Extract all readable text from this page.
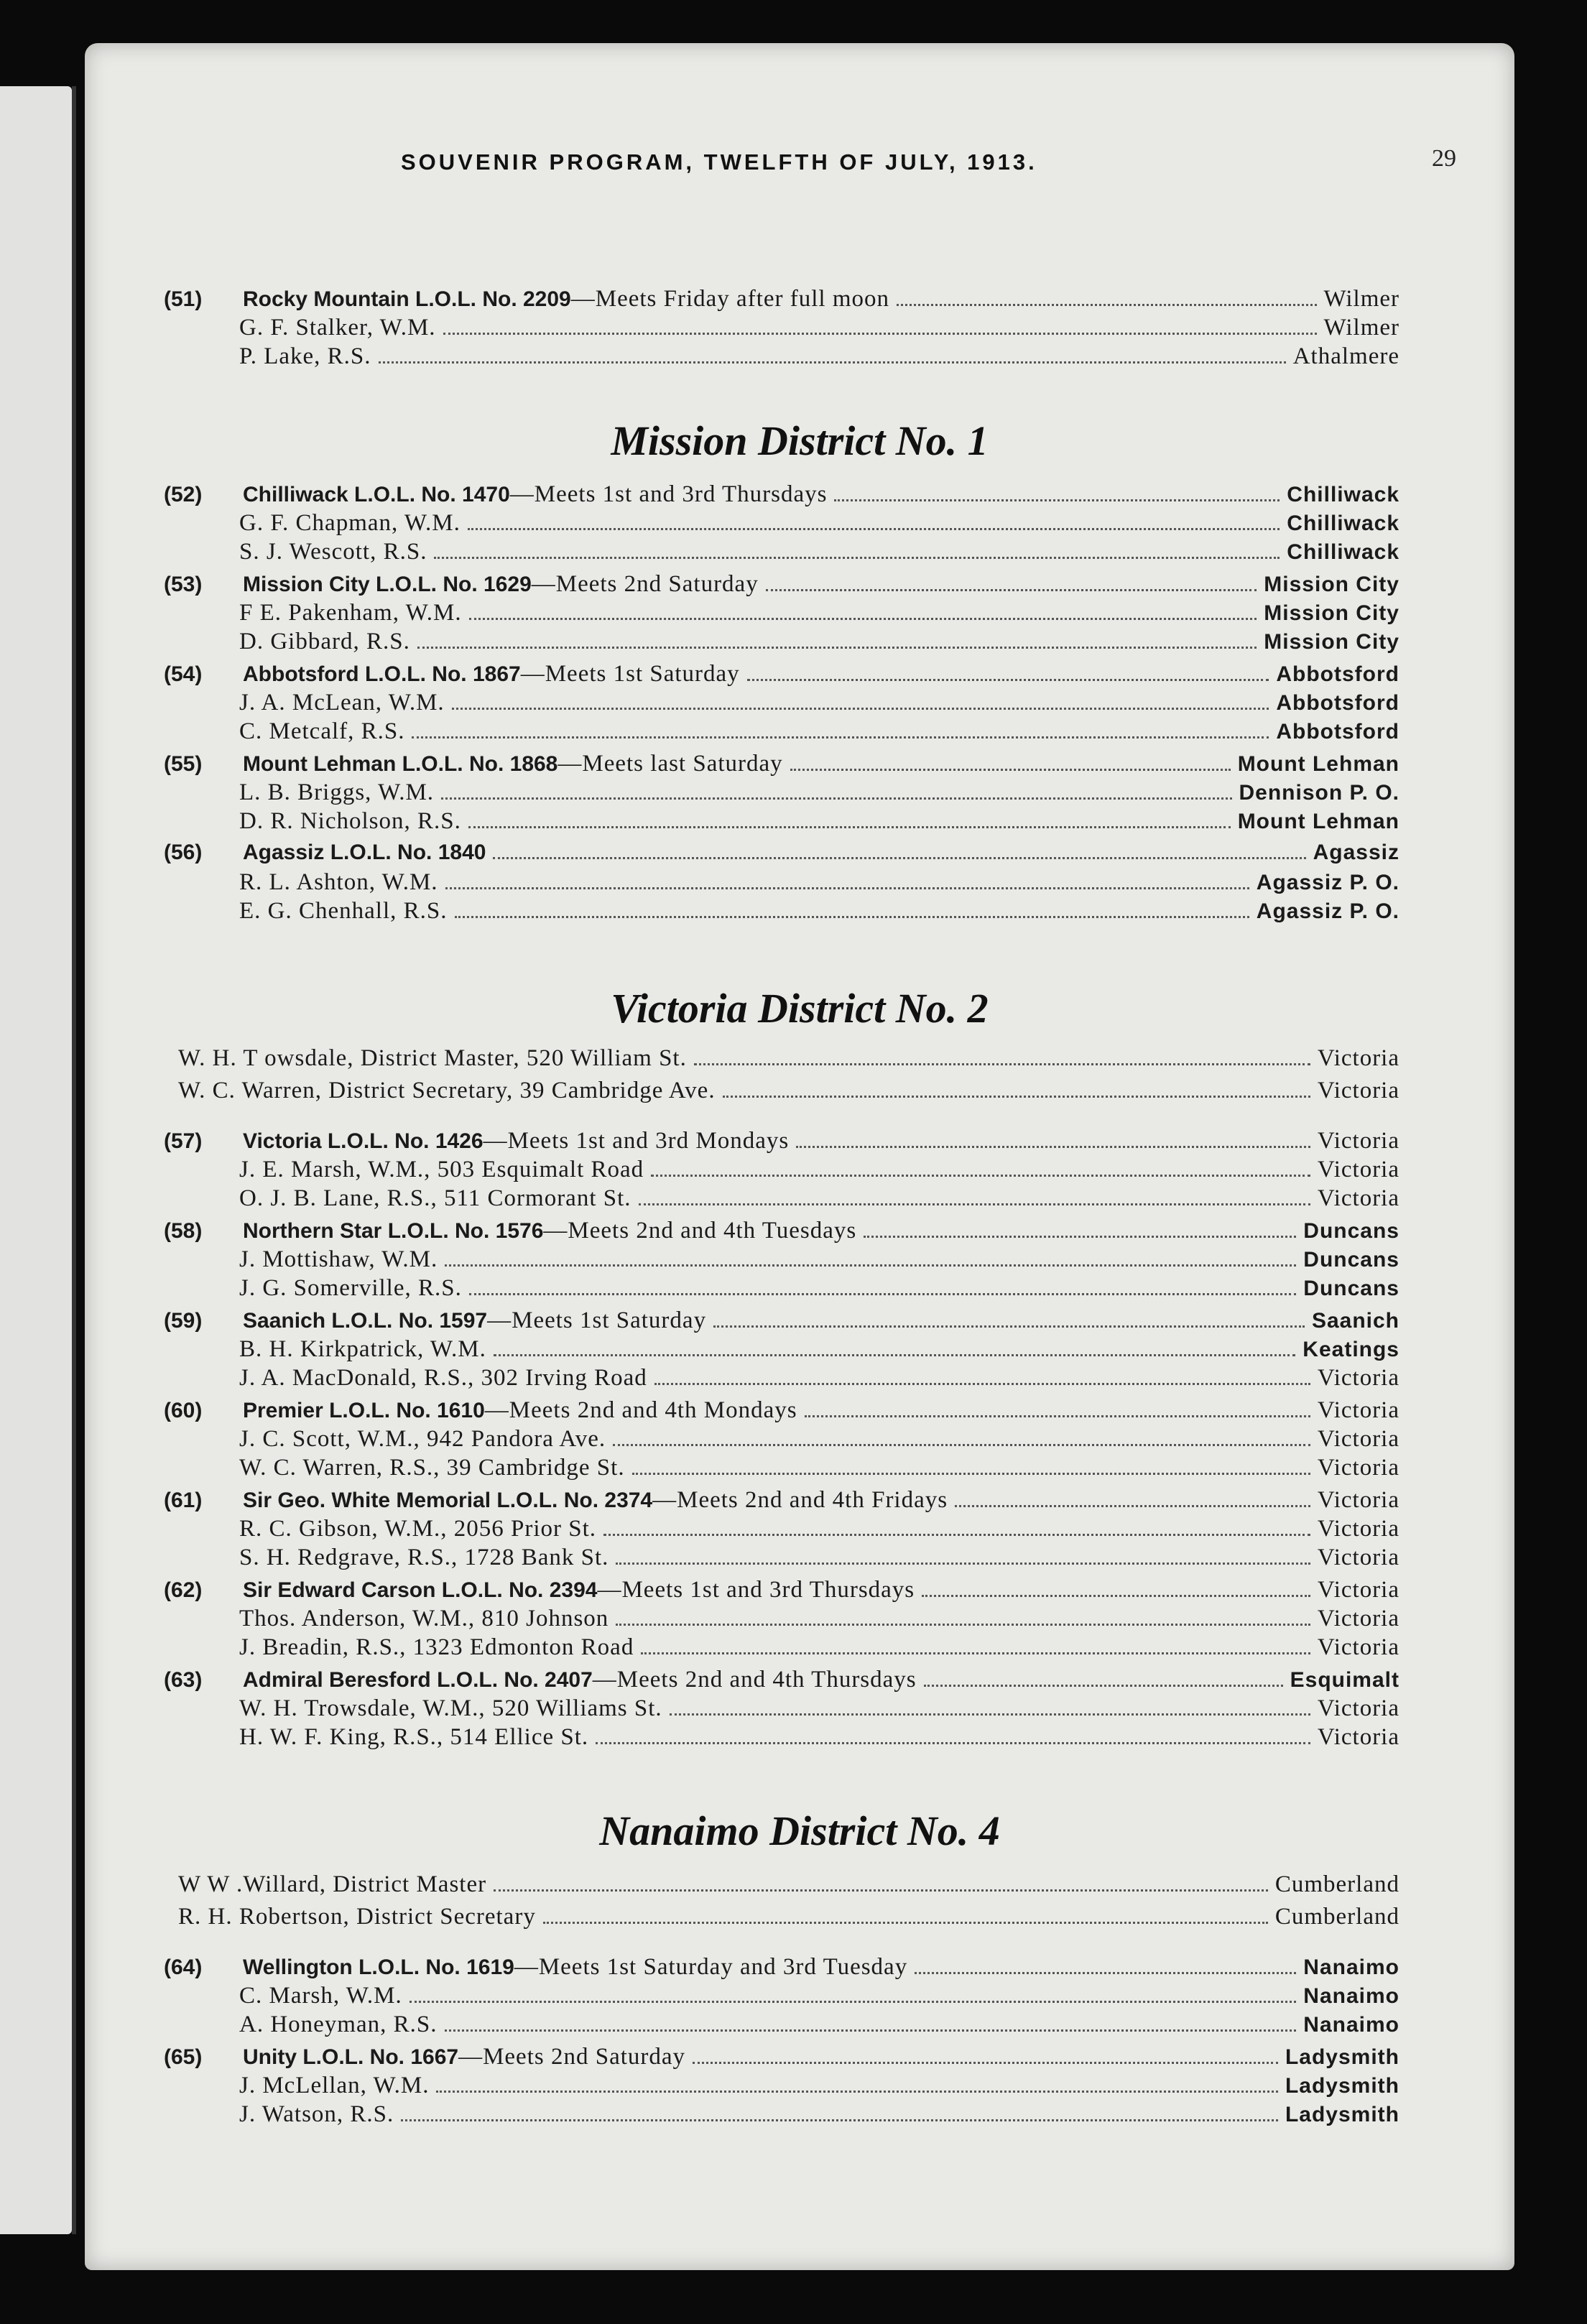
SOUVENIR PROGRAM, TWELFTH OF JULY, 1913.	29
Mission District No. 1
Victoria District No. 2
Nanaimo District No. 4
(51)	Rocky Mountain L.O.L. No. 2209 —Meets Friday after full moon	Wilmer
G. F. Stalker, W.M.	Wilmer
P. Lake, R.S.	Athalmere
(52)	Chilliwack L.O.L. No. 1470 —Meets 1st and 3rd Thursdays	Chilliwack
G. F. Chapman, W.M.	Chilliwack
S. J. Wescott, R.S.	Chilliwack
(53)	Mission City L.O.L. No. 1629 —Meets 2nd Saturday	Mission City
F E. Pakenham, W.M.	Mission City
D. Gibbard, R.S.	Mission City
(54)	Abbotsford L.O.L. No. 1867 —Meets 1st Saturday	Abbotsford
J. A. McLean, W.M.	Abbotsford
C. Metcalf, R.S.	Abbotsford
(55)	Mount Lehman L.O.L. No. 1868 —Meets last Saturday	Mount Lehman
L. B. Briggs, W.M.	Dennison P. O.
D. R. Nicholson, R.S.	Mount Lehman
(56)	Agassiz L.O.L. No. 1840	Agassiz
R. L. Ashton, W.M.	Agassiz P. O.
E. G. Chenhall, R.S.	Agassiz P. O.
W. H. T owsdale, District Master, 520 William St.	Victoria
W. C. Warren, District Secretary, 39 Cambridge Ave.	Victoria
(57)	Victoria L.O.L. No. 1426 —Meets 1st and 3rd Mondays	Victoria
J. E. Marsh, W.M., 503 Esquimalt Road	Victoria
O. J. B. Lane, R.S., 511 Cormorant St.	Victoria
(58)	Northern Star L.O.L. No. 1576 —Meets 2nd and 4th Tuesdays	Duncans
J. Mottishaw, W.M.	Duncans
J. G. Somerville, R.S.	Duncans
(59)	Saanich L.O.L. No. 1597 —Meets 1st Saturday	Saanich
B. H. Kirkpatrick, W.M.	Keatings
J. A. MacDonald, R.S., 302 Irving Road	Victoria
(60)	Premier L.O.L. No. 1610 —Meets 2nd and 4th Mondays	Victoria
J. C. Scott, W.M., 942 Pandora Ave.	Victoria
W. C. Warren, R.S., 39 Cambridge St.	Victoria
(61)	Sir Geo. White Memorial L.O.L. No. 2374 —Meets 2nd and 4th Fridays	Victoria
R. C. Gibson, W.M., 2056 Prior St.	Victoria
S. H. Redgrave, R.S., 1728 Bank St.	Victoria
(62)	Sir Edward Carson L.O.L. No. 2394 —Meets 1st and 3rd Thursdays	Victoria
Thos. Anderson, W.M., 810 Johnson	Victoria
J. Breadin, R.S., 1323 Edmonton Road	Victoria
(63)	Admiral Beresford L.O.L. No. 2407 —Meets 2nd and 4th Thursdays	Esquimalt
W. H. Trowsdale, W.M., 520 Williams St.	Victoria
H. W. F. King, R.S., 514 Ellice St.	Victoria
W W .Willard, District Master	Cumberland
R. H. Robertson, District Secretary	Cumberland
(64)	Wellington L.O.L. No. 1619 —Meets 1st Saturday and 3rd Tuesday	Nanaimo
C. Marsh, W.M.	Nanaimo
A. Honeyman, R.S.	Nanaimo
(65)	Unity L.O.L. No. 1667 —Meets 2nd Saturday	Ladysmith
J. McLellan, W.M.	Ladysmith
J. Watson, R.S.	Ladysmith
